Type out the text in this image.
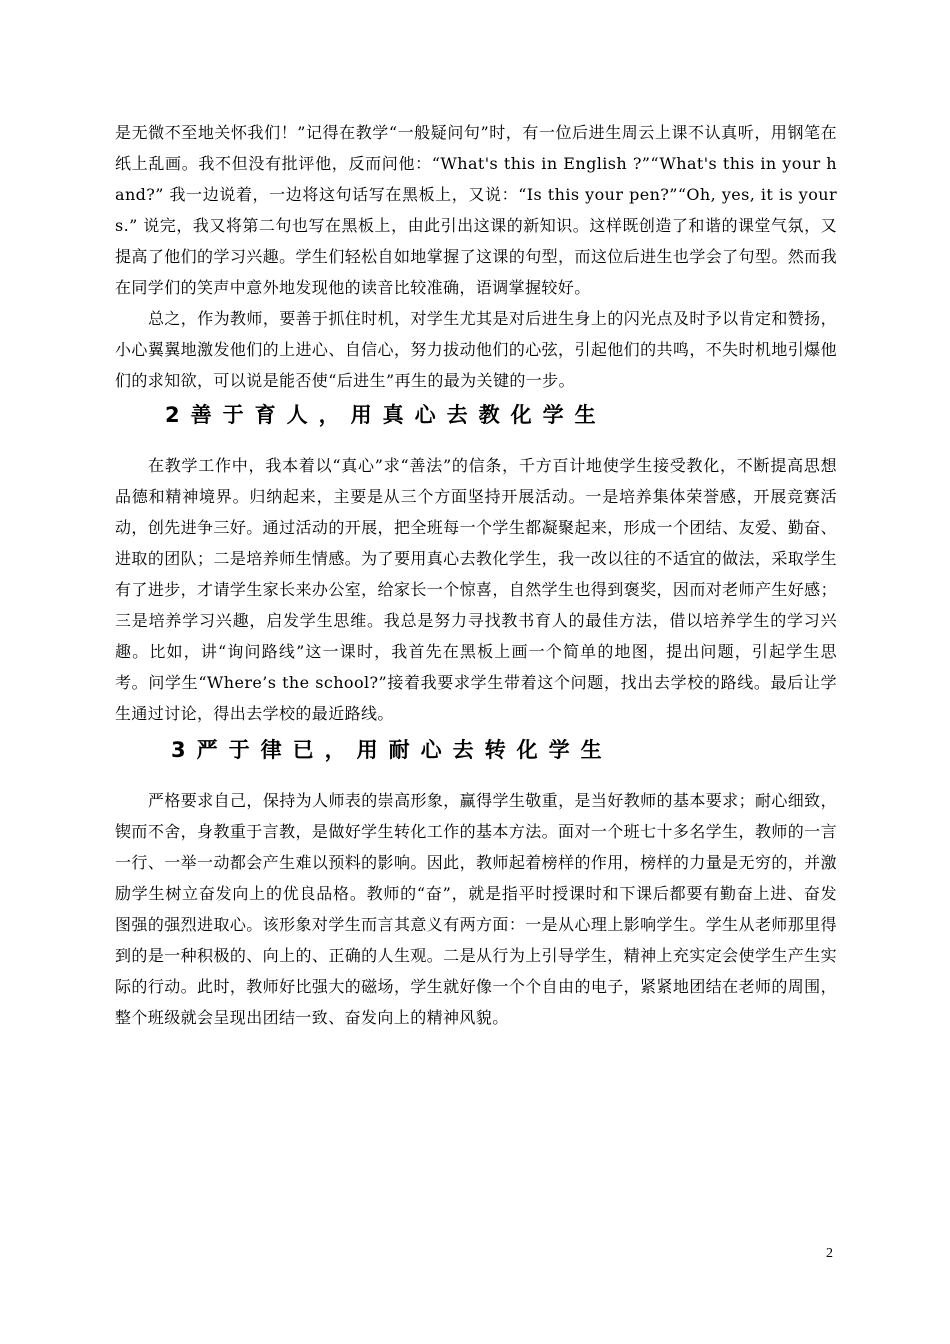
是无微不至地关怀我们！”记得在教学“一般疑问句”时，有一位后进生周云上课不认真听，用钢笔在纸上乱画。我不但没有批评他，反而问他：“What's this in English ?”“What's this in your hand?” 我一边说着，一边将这句话写在黑板上，又说：“Is this your pen?”“Oh, yes, it is yours.” 说完，我又将第二句也写在黑板上，由此引出这课的新知识。这样既创造了和谐的课堂气氛，又提高了他们的学习兴趣。学生们轻松自如地掌握了这课的句型，而这位后进生也学会了句型。然而我在同学们的笑声中意外地发现他的读音比较准确，语调掌握较好。

总之，作为教师，要善于抓住时机，对学生尤其是对后进生身上的闪光点及时予以肯定和赞扬，小心翼翼地激发他们的上进心、自信心，努力拔动他们的心弦，引起他们的共鸣，不失时机地引爆他们的求知欲，可以说是能否使“后进生”再生的最为关键的一步。

2善于育人，用真心去教化学生

在教学工作中，我本着以“真心”求“善法”的信条，千方百计地使学生接受教化，不断提高思想品德和精神境界。归纳起来，主要是从三个方面坚持开展活动。一是培养集体荣誉感，开展竞赛活动，创先进争三好。通过活动的开展，把全班每一个学生都凝聚起来，形成一个团结、友爱、勤奋、进取的团队；二是培养师生情感。为了要用真心去教化学生，我一改以往的不适宜的做法，采取学生有了进步，才请学生家长来办公室，给家长一个惊喜，自然学生也得到褒奖，因而对老师产生好感；三是培养学习兴趣，启发学生思维。我总是努力寻找教书育人的最佳方法，借以培养学生的学习兴趣。比如，讲“询问路线”这一课时，我首先在黑板上画一个简单的地图，提出问题，引起学生思考。问学生“Where’s the school?”接着我要求学生带着这个问题，找出去学校的路线。最后让学生通过讨论，得出去学校的最近路线。

3严于律已，用耐心去转化学生

严格要求自己，保持为人师表的崇高形象，赢得学生敬重，是当好教师的基本要求；耐心细致，锲而不舍，身教重于言教，是做好学生转化工作的基本方法。面对一个班七十多名学生，教师的一言一行、一举一动都会产生难以预料的影响。因此，教师起着榜样的作用，榜样的力量是无穷的，并激励学生树立奋发向上的优良品格。教师的“奋”，就是指平时授课时和下课后都要有勤奋上进、奋发图强的强烈进取心。该形象对学生而言其意义有两方面：一是从心理上影响学生。学生从老师那里得到的是一种积极的、向上的、正确的人生观。二是从行为上引导学生，精神上充实定会使学生产生实际的行动。此时，教师好比强大的磁场，学生就好像一个个自由的电子，紧紧地团结在老师的周围，整个班级就会呈现出团结一致、奋发向上的精神风貌。

2
